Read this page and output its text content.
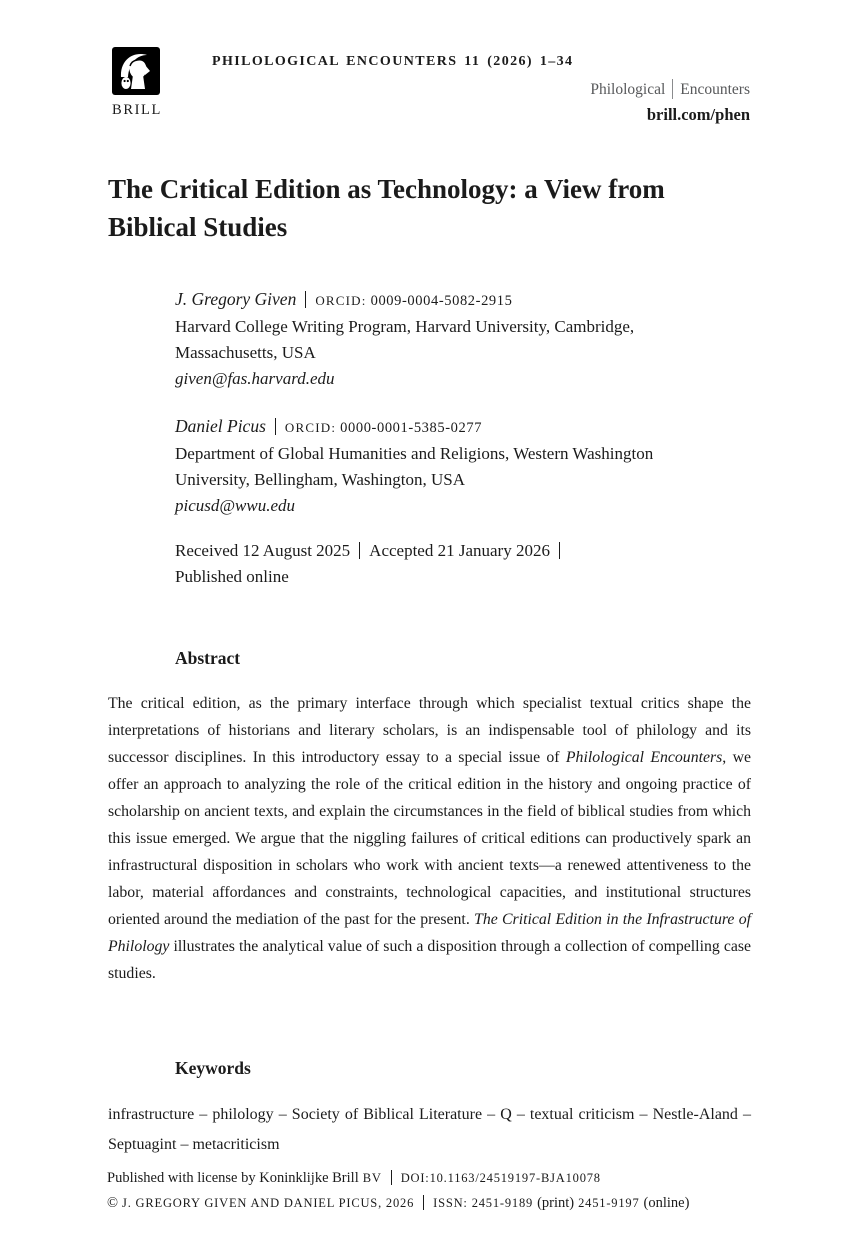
BRILL
PHILOLOGICAL ENCOUNTERS 11 (2026) 1–34
Philological Encounters
brill.com/phen
The Critical Edition as Technology: a View from
Biblical Studies
J. Gregory Given ORCID: 0009-0004-5082-2915
Harvard College Writing Program, Harvard University, Cambridge,
Massachusetts, USA
given@fas.harvard.edu
Daniel Picus ORCID: 0000-0001-5385-0277
Department of Global Humanities and Religions, Western Washington
University, Bellingham, Washington, USA
picusd@wwu.edu
Received 12 August 2025 Accepted 21 January 2026
Published online
Abstract
The critical edition, as the primary interface through which specialist textual critics shape the interpretations of historians and literary scholars, is an indispensable tool of philology and its successor disciplines. In this introductory essay to a special issue of Philological Encounters, we offer an approach to analyzing the role of the critical edition in the history and ongoing practice of scholarship on ancient texts, and explain the circumstances in the field of biblical studies from which this issue emerged. We argue that the niggling failures of critical editions can productively spark an infrastructural disposition in scholars who work with ancient texts—a renewed attentiveness to the labor, material affordances and constraints, technological capacities, and institutional structures oriented around the mediation of the past for the present. The Critical Edition in the Infrastructure of Philology illustrates the analytical value of such a disposition through a collection of compelling case studies.
Keywords
infrastructure – philology – Society of Biblical Literature – Q – textual criticism – Nestle-Aland – Septuagint – metacriticism
Published with license by Koninklijke Brill BV DOI:10.1163/24519197-BJA10078
© J. GREGORY GIVEN AND DANIEL PICUS, 2026 ISSN: 2451-9189 (print) 2451-9197 (online)
